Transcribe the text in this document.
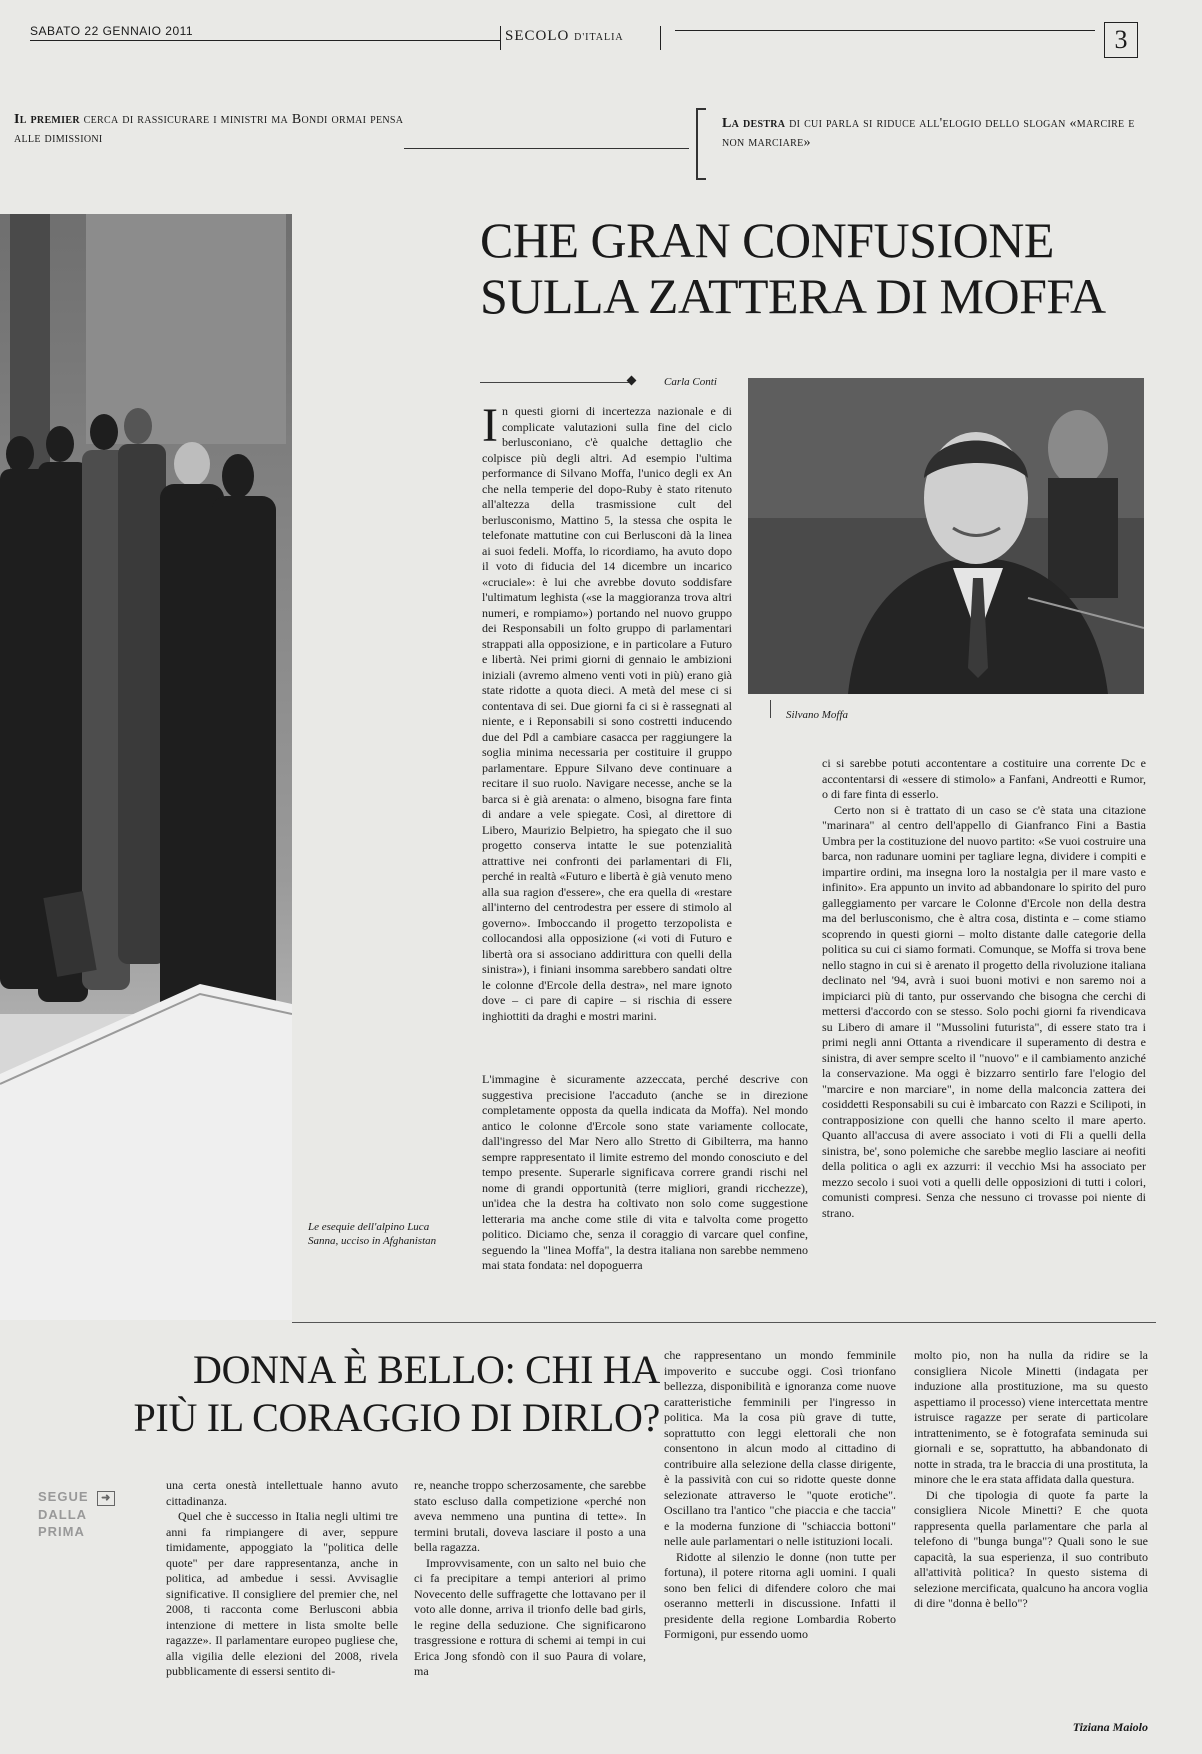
SABATO 22 GENNAIO 2011	SECOLO D'ITALIA	3
Il premier cerca di rassicurare i ministri ma Bondi ormai pensa alle dimissioni
La destra di cui parla si riduce all'elogio dello slogan «marcire e non marciare»
CHE GRAN CONFUSIONE
SULLA ZATTERA DI MOFFA
Carla Conti
Le esequie dell'alpino Luca Sanna, ucciso in Afghanistan
Silvano Moffa

In questi giorni di incertezza nazionale e di complicate valutazioni sulla fine del ciclo berlusconiano, c'è qualche dettaglio che colpisce più degli altri. Ad esempio l'ultima performance di Silvano Moffa, l'unico degli ex An che nella temperie del dopo-Ruby è stato ritenuto all'altezza della trasmissione cult del berlusconismo, Mattino 5, la stessa che ospita le telefonate mattutine con cui Berlusconi dà la linea ai suoi fedeli. Moffa, lo ricordiamo, ha avuto dopo il voto di fiducia del 14 dicembre un incarico «cruciale»: è lui che avrebbe dovuto soddisfare l'ultimatum leghista («se la maggioranza trova altri numeri, e rompiamo») portando nel nuovo gruppo dei Responsabili un folto gruppo di parlamentari strappati alla opposizione, e in particolare a Futuro e libertà. Nei primi giorni di gennaio le ambizioni iniziali (avremo almeno venti voti in più) erano già state ridotte a quota dieci. A metà del mese ci si contentava di sei. Due giorni fa ci si è rassegnati al niente, e i Reponsabili si sono costretti inducendo due del Pdl a cambiare casacca per raggiungere la soglia minima necessaria per costituire il gruppo parlamentare. Eppure Silvano deve continuare a recitare il suo ruolo. Navigare necesse, anche se la barca si è già arenata: o almeno, bisogna fare finta di andare a vele spiegate. Così, al direttore di Libero, Maurizio Belpietro, ha spiegato che il suo progetto conserva intatte le sue potenzialità attrattive nei confronti dei parlamentari di Fli, perché in realtà «Futuro e libertà è già venuto meno alla sua ragion d'essere», che era quella di «restare all'interno del centrodestra per essere di stimolo al governo». Imboccando il progetto terzopolista e collocandosi alla opposizione («i voti di Futuro e libertà ora si associano addirittura con quelli della sinistra»), i finiani insomma sarebbero sandati oltre le colonne d'Ercole della destra», nel mare ignoto dove – ci pare di capire – si rischia di essere inghiottiti da draghi e mostri marini.

L'immagine è sicuramente azzeccata, perché descrive con suggestiva precisione l'accaduto (anche se in direzione completamente opposta da quella indicata da Moffa). Nel mondo antico le colonne d'Ercole sono state variamente collocate, dall'ingresso del Mar Nero allo Stretto di Gibilterra, ma hanno sempre rappresentato il limite estremo del mondo conosciuto e del tempo presente. Superarle significava correre grandi rischi nel nome di grandi opportunità (terre migliori, grandi ricchezze), un'idea che la destra ha coltivato non solo come suggestione letteraria ma anche come stile di vita e talvolta come progetto politico. Diciamo che, senza il coraggio di varcare quel confine, seguendo la "linea Moffa", la destra italiana non sarebbe nemmeno mai stata fondata: nel dopoguerra

ci si sarebbe potuti accontentare a costituire una corrente Dc e accontentarsi di «essere di stimolo» a Fanfani, Andreotti e Rumor, o di fare finta di esserlo.

Certo non si è trattato di un caso se c'è stata una citazione "marinara" al centro dell'appello di Gianfranco Fini a Bastia Umbra per la costituzione del nuovo partito: «Se vuoi costruire una barca, non radunare uomini per tagliare legna, dividere i compiti e impartire ordini, ma insegna loro la nostalgia per il mare vasto e infinito». Era appunto un invito ad abbandonare lo spirito del puro galleggiamento per varcare le Colonne d'Ercole non della destra ma del berlusconismo, che è altra cosa, distinta e – come stiamo scoprendo in questi giorni – molto distante dalle categorie della politica su cui ci siamo formati. Comunque, se Moffa si trova bene nello stagno in cui si è arenato il progetto della rivoluzione italiana declinato nel '94, avrà i suoi buoni motivi e non saremo noi a impiciarci più di tanto, pur osservando che bisogna che cerchi di mettersi d'accordo con se stesso. Solo pochi giorni fa rivendicava su Libero di amare il "Mussolini futurista", di essere stato tra i primi negli anni Ottanta a rivendicare il superamento di destra e sinistra, di aver sempre scelto il "nuovo" e il cambiamento anziché la conservazione. Ma oggi è bizzarro sentirlo fare l'elogio del "marcire e non marciare", in nome della malconcia zattera dei cosiddetti Responsabili su cui è imbarcato con Razzi e Scilipoti, in contrapposizione con quelli che hanno scelto il mare aperto. Quanto all'accusa di avere associato i voti di Fli a quelli della sinistra, be', sono polemiche che sarebbe meglio lasciare ai neofiti della politica o agli ex azzurri: il vecchio Msi ha associato per mezzo secolo i suoi voti a quelli delle opposizioni di tutti i colori, comunisti compresi. Senza che nessuno ci trovasse poi niente di strano.

DONNA È BELLO: CHI HA
PIÙ IL CORAGGIO DI DIRLO?
SEGUE ➜
DALLA
PRIMA

una certa onestà intellettuale hanno avuto cittadinanza.

Quel che è successo in Italia negli ultimi tre anni fa rimpiangere di aver, seppure timidamente, appoggiato la "politica delle quote" per dare rappresentanza, anche in politica, ad ambedue i sessi. Avvisaglie significative. Il consigliere del premier che, nel 2008, ti racconta come Berlusconi abbia intenzione di mettere in lista smolte belle ragazze». Il parlamentare europeo pugliese che, alla vigilia delle elezioni del 2008, rivela pubblicamente di essersi sentito di-

re, neanche troppo scherzosamente, che sarebbe stato escluso dalla competizione «perché non aveva nemmeno una puntina di tette». In termini brutali, doveva lasciare il posto a una bella ragazza.

Improvvisamente, con un salto nel buio che ci fa precipitare a tempi anteriori al primo Novecento delle suffragette che lottavano per il voto alle donne, arriva il trionfo delle bad girls, le regine della seduzione. Che significarono trasgressione e rottura di schemi ai tempi in cui Erica Jong sfondò con il suo Paura di volare, ma

che rappresentano un mondo femminile impoverito e succube oggi. Così trionfano bellezza, disponibilità e ignoranza come nuove caratteristiche femminili per l'ingresso in politica. Ma la cosa più grave di tutte, soprattutto con leggi elettorali che non consentono in alcun modo al cittadino di contribuire alla selezione della classe dirigente, è la passività con cui so ridotte queste donne selezionate attraverso le "quote erotiche". Oscillano tra l'antico "che piaccia e che taccia" e la moderna funzione di "schiaccia bottoni" nelle aule parlamentari o nelle istituzioni locali.

Ridotte al silenzio le donne (non tutte per fortuna), il potere ritorna agli uomini. I quali sono ben felici di difendere coloro che mai oseranno metterli in discussione. Infatti il presidente della regione Lombardia Roberto Formigoni, pur essendo uomo

molto pio, non ha nulla da ridire se la consigliera Nicole Minetti (indagata per induzione alla prostituzione, ma su questo aspettiamo il processo) viene intercettata mentre istruisce ragazze per serate di particolare intrattenimento, se è fotografata seminuda sui giornali e se, soprattutto, ha abbandonato di notte in strada, tra le braccia di una prostituta, la minore che le era stata affidata dalla questura.

Di che tipologia di quote fa parte la consigliera Nicole Minetti? E che quota rappresenta quella parlamentare che parla al telefono di "bunga bunga"? Quali sono le sue capacità, la sua esperienza, il suo contributo all'attività politica? In questo sistema di selezione mercificata, qualcuno ha ancora voglia di dire "donna è bello"?

Tiziana Maiolo
